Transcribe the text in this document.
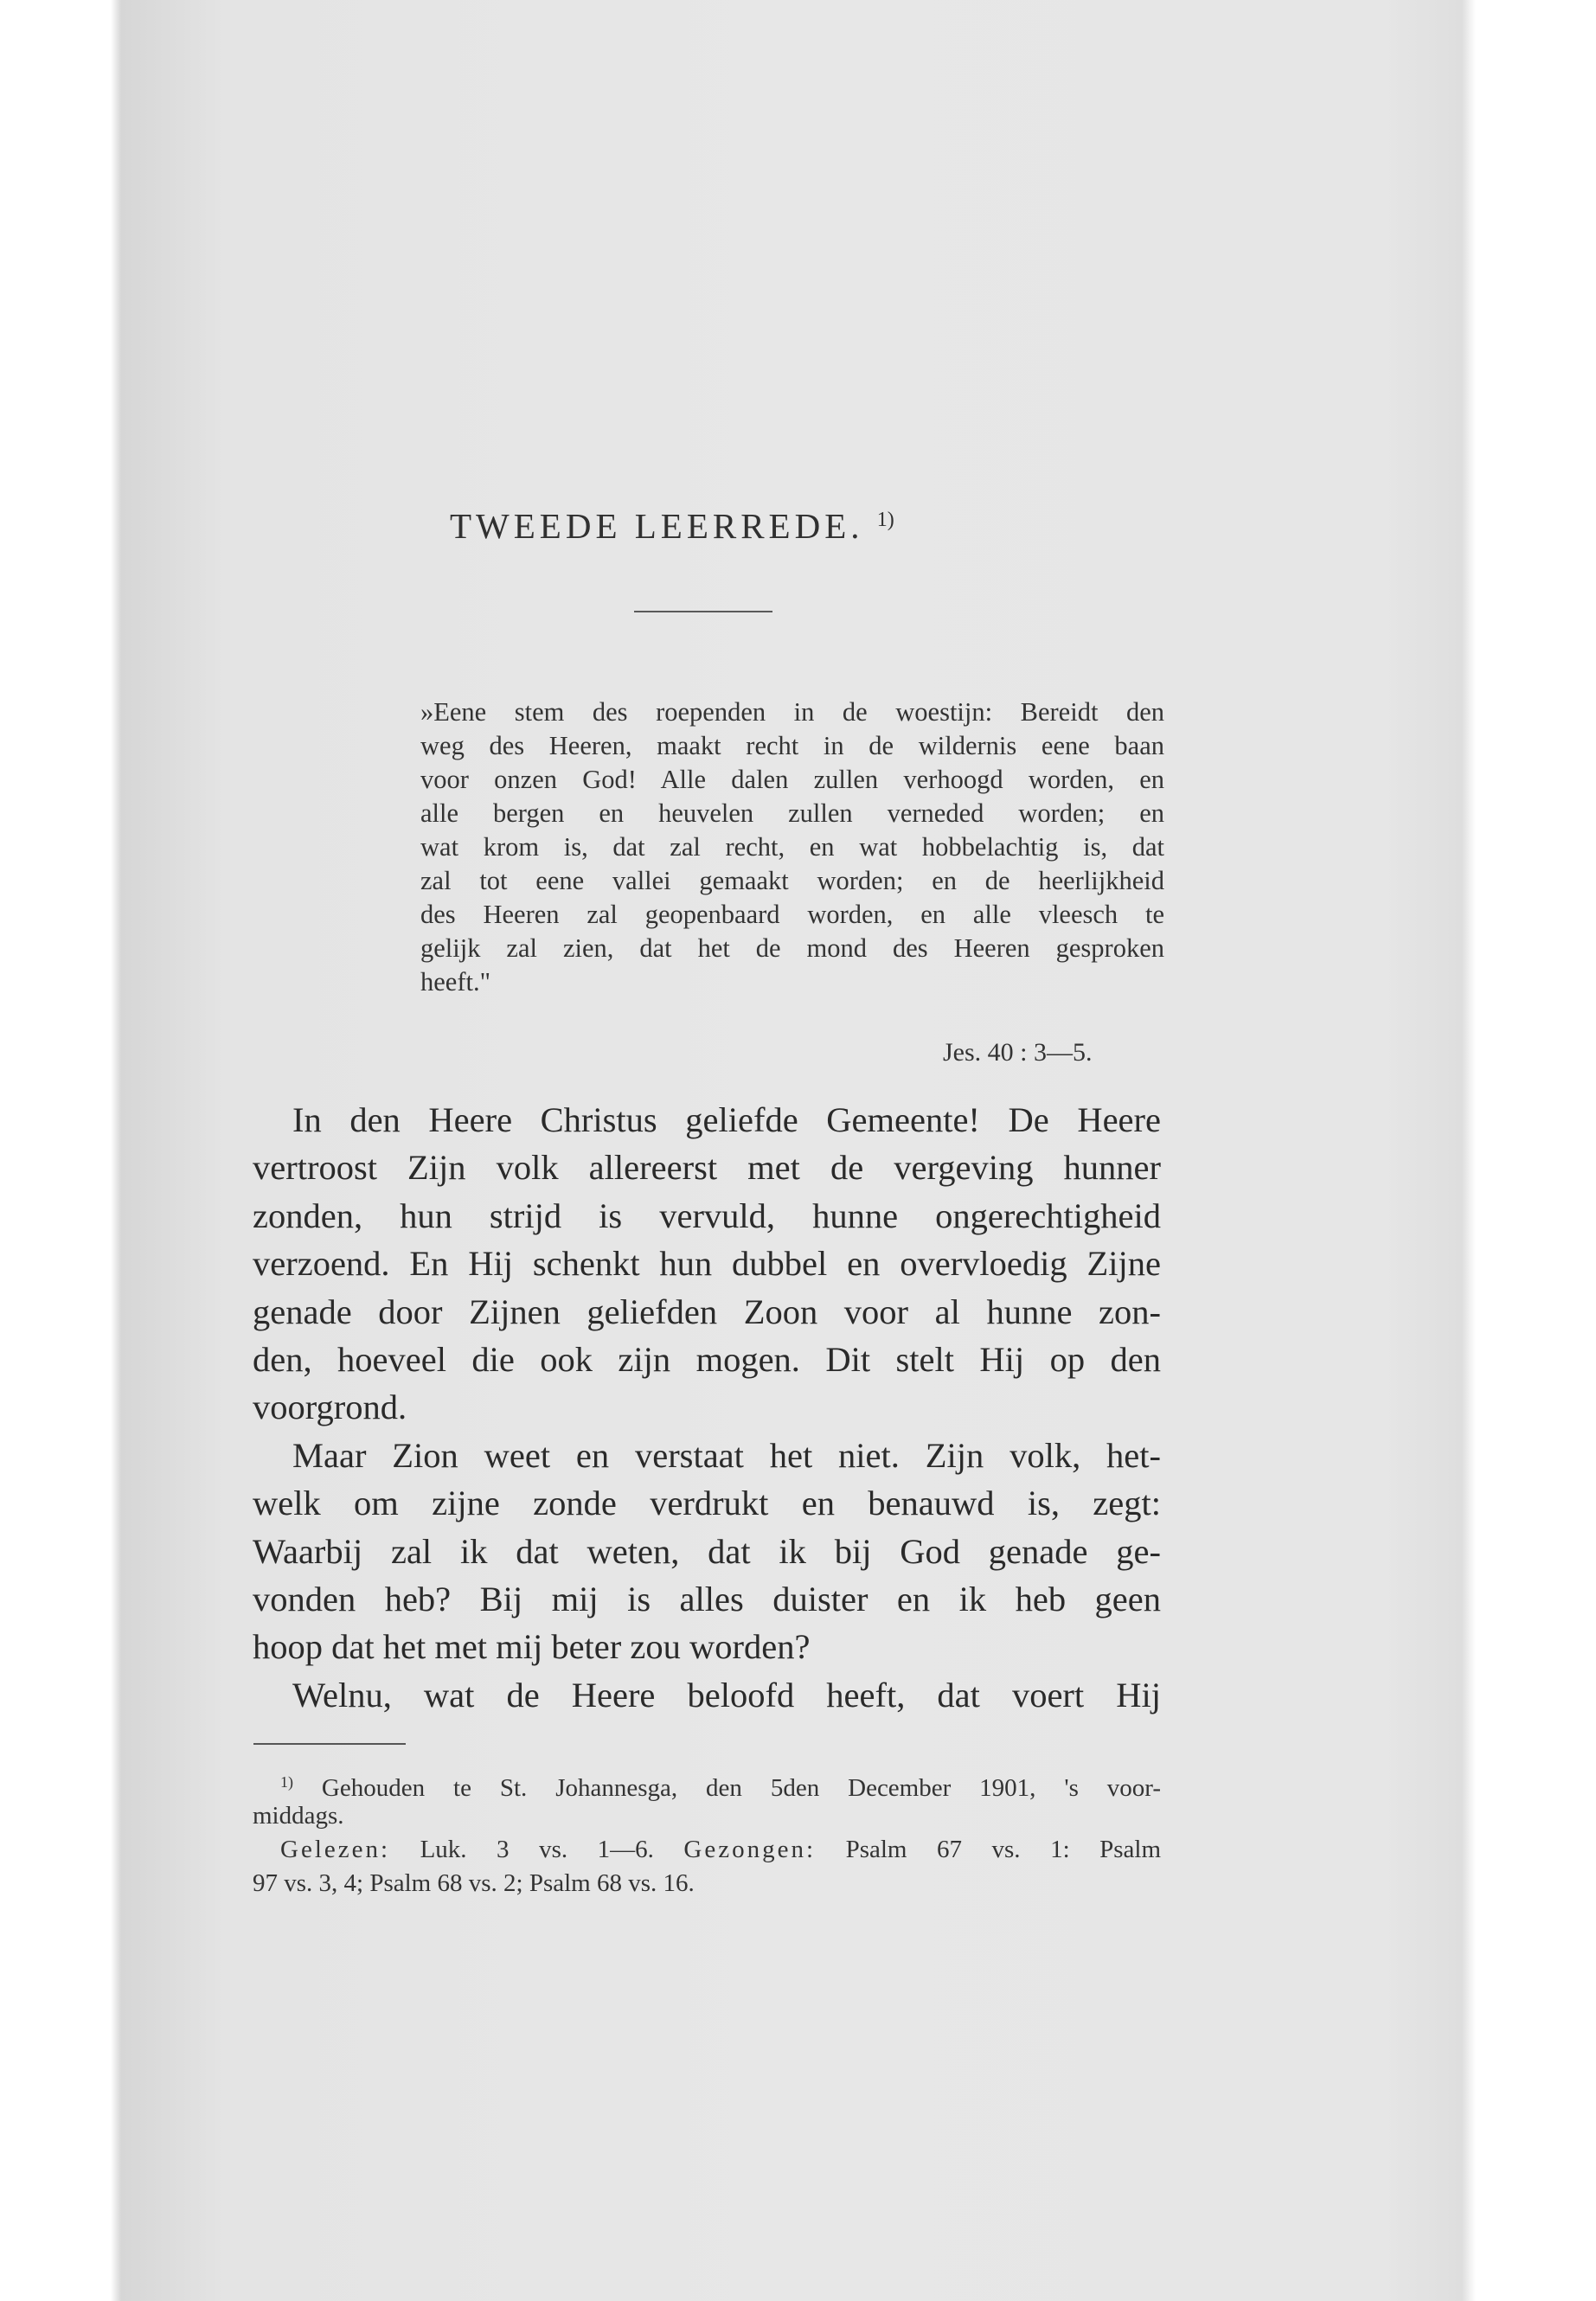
TWEEDE LEERREDE. $^{1)}$
»Eene stem des roependen in de woestijn: Bereidt den
weg des Heeren, maakt recht in de wildernis eene baan
voor onzen God! Alle dalen zullen verhoogd worden, en
alle bergen en heuvelen zullen verneded worden; en
wat krom is, dat zal recht, en wat hobbelachtig is, dat
zal tot eene vallei gemaakt worden; en de heerlijkheid
des Heeren zal geopenbaard worden, en alle vleesch te
gelijk zal zien, dat het de mond des Heeren gesproken
heeft."
Jes. 40 : 3—5.
In den Heere Christus geliefde Gemeente! De Heere
vertroost Zijn volk allereerst met de vergeving hunner
zonden, hun strijd is vervuld, hunne ongerechtigheid
verzoend. En Hij schenkt hun dubbel en overvloedig Zijne
genade door Zijnen geliefden Zoon voor al hunne zon-
den, hoeveel die ook zijn mogen. Dit stelt Hij op den
voorgrond.
Maar Zion weet en verstaat het niet. Zijn volk, het-
welk om zijne zonde verdrukt en benauwd is, zegt:
Waarbij zal ik dat weten, dat ik bij God genade ge-
vonden heb? Bij mij is alles duister en ik heb geen
hoop dat het met mij beter zou worden?
Welnu, wat de Heere beloofd heeft, dat voert Hij
$^{1)}$ Gehouden te St. Johannesga, den 5den December 1901, 's voor-
middags.
Gelezen: Luk. 3 vs. 1—6. Gezongen: Psalm 67 vs. 1: Psalm
97 vs. 3, 4; Psalm 68 vs. 2; Psalm 68 vs. 16.
